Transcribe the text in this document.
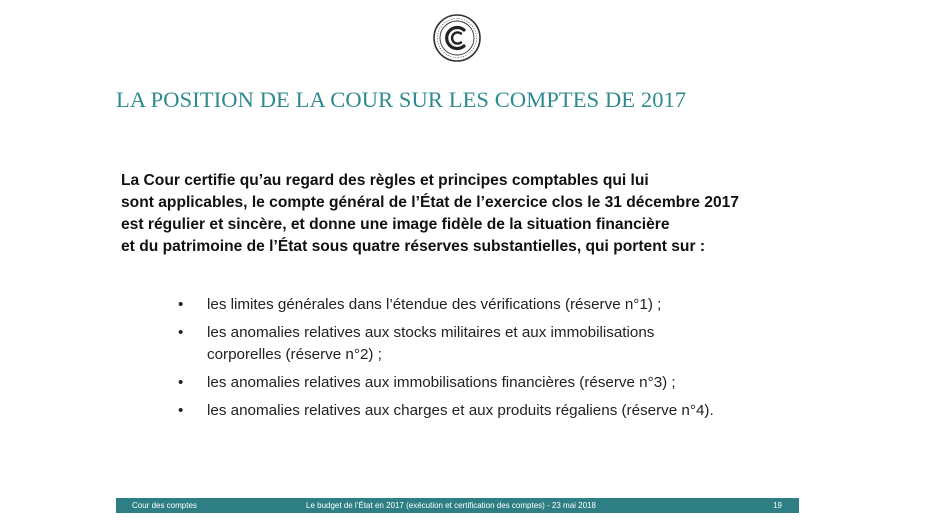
LA POSITION DE LA COUR SUR LES COMPTES DE 2017

La Cour certifie qu’au regard des règles et principes comptables qui lui
sont applicables, le compte général de l’État de l’exercice clos le 31 décembre 2017
est régulier et sincère, et donne une image fidèle de la situation financière
et du patrimoine de l’État sous quatre réserves substantielles, qui portent sur :

• les limites générales dans l’étendue des vérifications (réserve n°1) ;
• les anomalies relatives aux stocks militaires et aux immobilisations
corporelles (réserve n°2) ;
• les anomalies relatives aux immobilisations financières (réserve n°3) ;
• les anomalies relatives aux charges et aux produits régaliens (réserve n°4).
Cour des comptes	Le budget de l’État en 2017 (exécution et certification des comptes) - 23 mai 2018	19
